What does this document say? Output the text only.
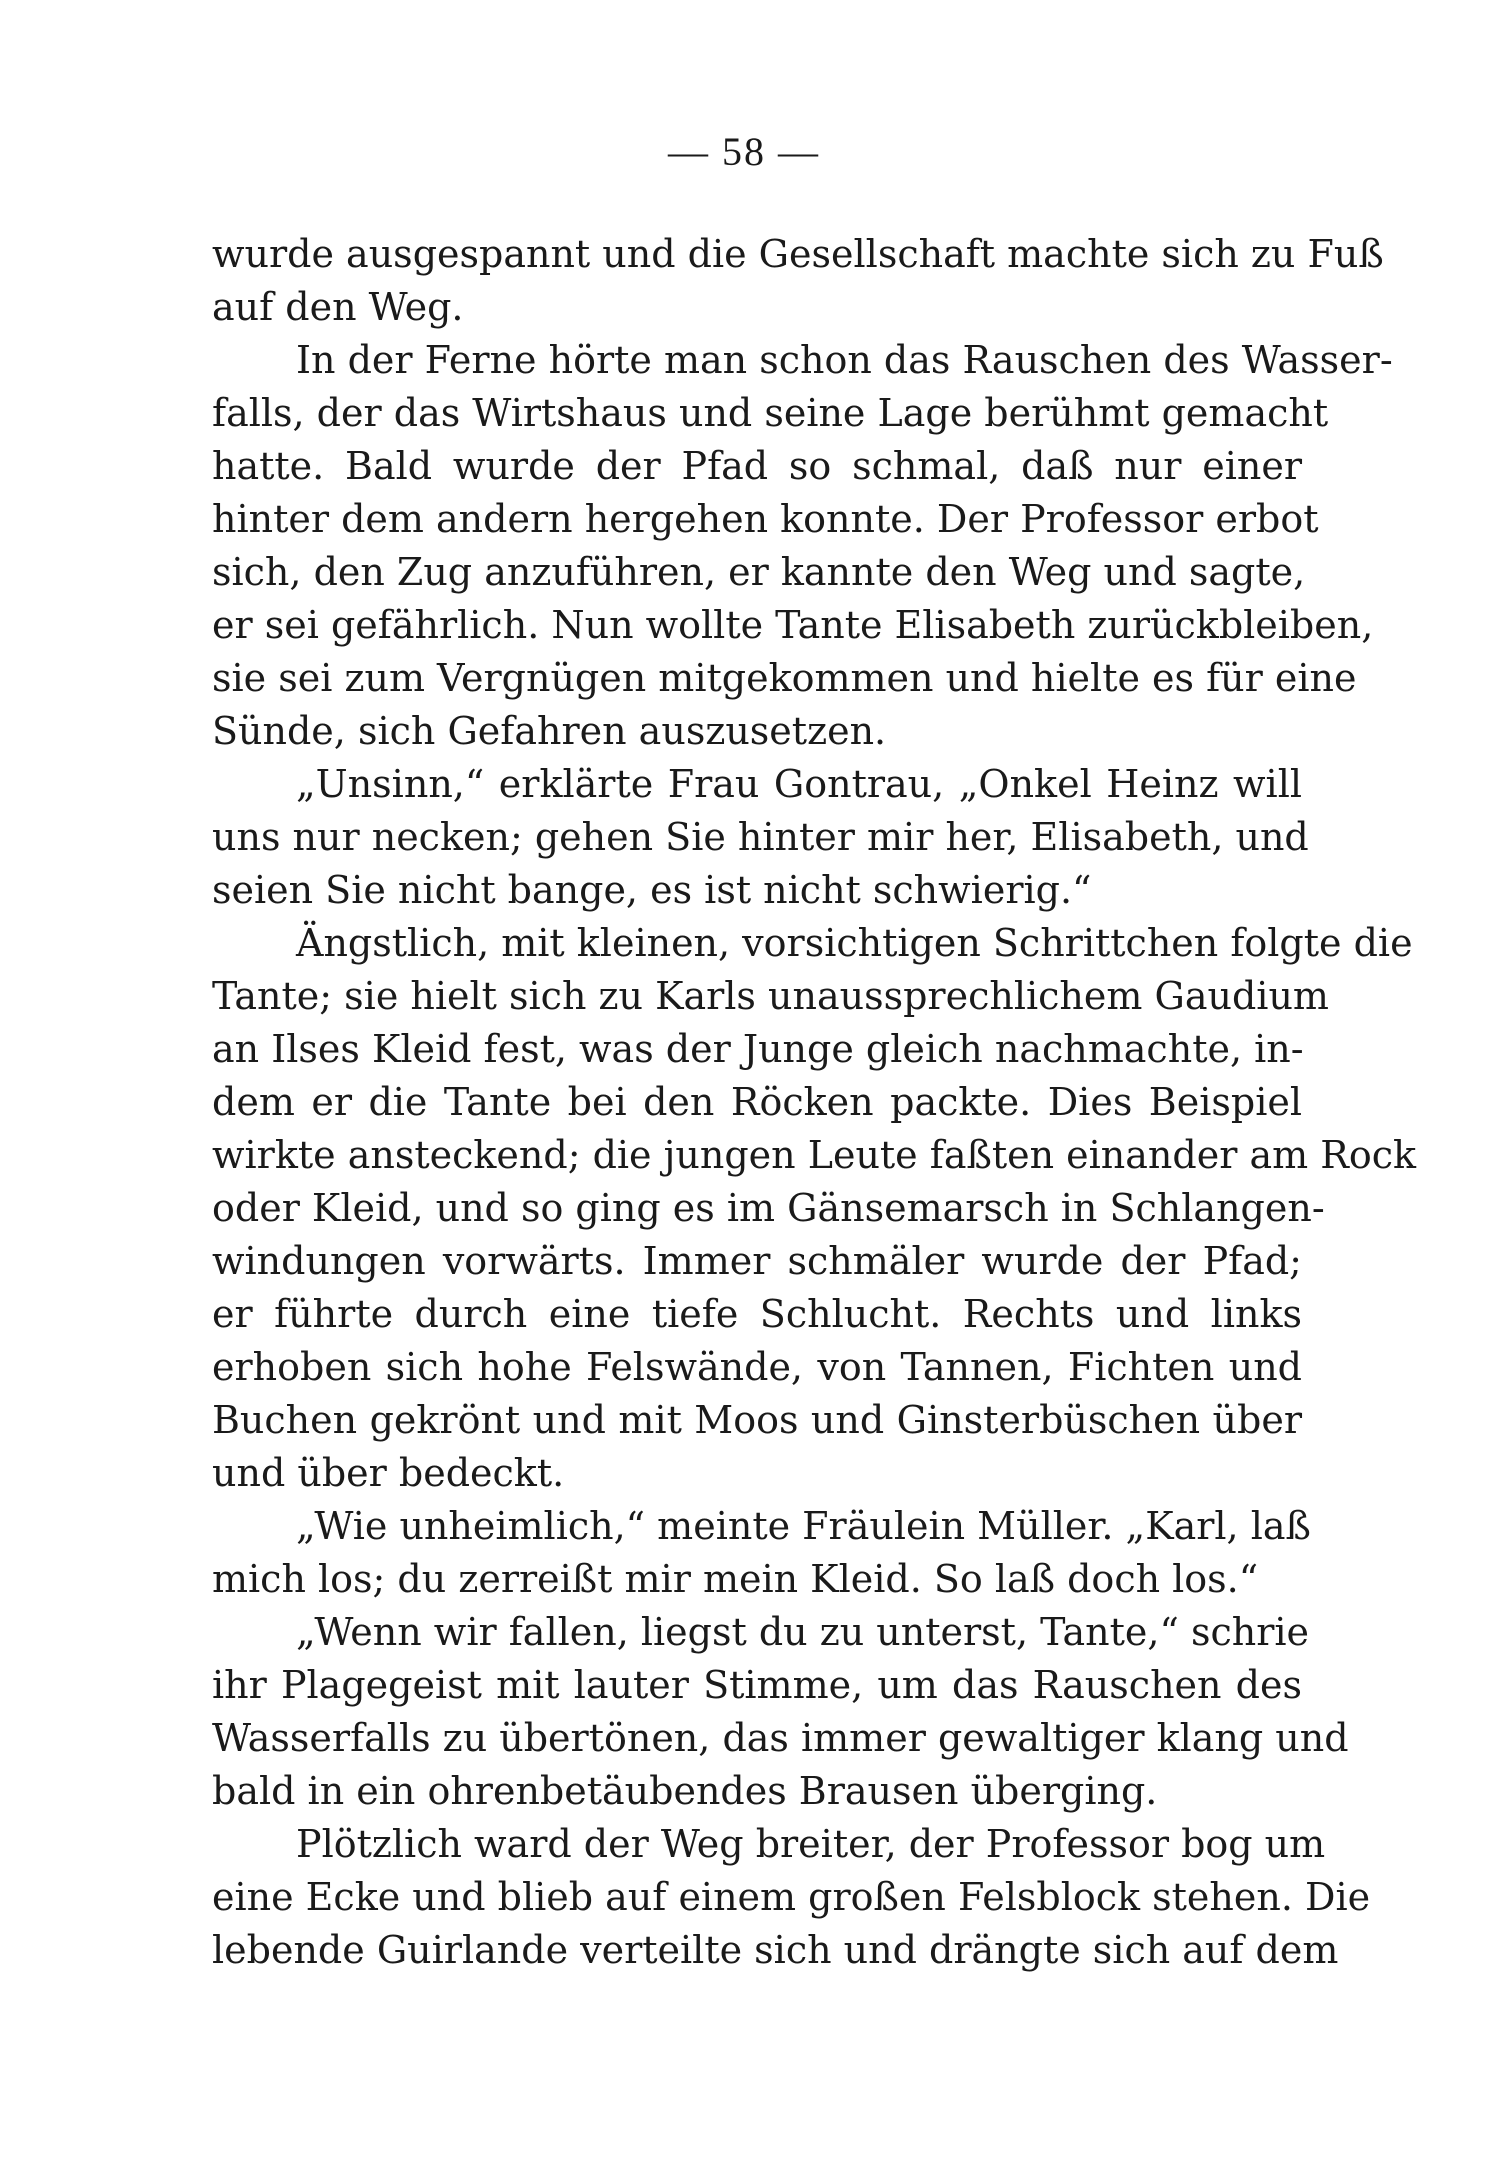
— 58 —
wurde ausgespannt und die Gesellschaft machte sich zu Fuß
auf den Weg.
In der Ferne hörte man schon das Rauschen des Wasser-
falls, der das Wirtshaus und seine Lage berühmt gemacht
hatte. Bald wurde der Pfad so schmal, daß nur einer
hinter dem andern hergehen konnte. Der Professor erbot
sich, den Zug anzuführen, er kannte den Weg und sagte,
er sei gefährlich. Nun wollte Tante Elisabeth zurückbleiben,
sie sei zum Vergnügen mitgekommen und hielte es für eine
Sünde, sich Gefahren auszusetzen.
„Unsinn,“ erklärte Frau Gontrau, „Onkel Heinz will
uns nur necken; gehen Sie hinter mir her, Elisabeth, und
seien Sie nicht bange, es ist nicht schwierig.“
Ängstlich, mit kleinen, vorsichtigen Schrittchen folgte die
Tante; sie hielt sich zu Karls unaussprechlichem Gaudium
an Ilses Kleid fest, was der Junge gleich nachmachte, in-
dem er die Tante bei den Röcken packte. Dies Beispiel
wirkte ansteckend; die jungen Leute faßten einander am Rock
oder Kleid, und so ging es im Gänsemarsch in Schlangen-
windungen vorwärts. Immer schmäler wurde der Pfad;
er führte durch eine tiefe Schlucht. Rechts und links
erhoben sich hohe Felswände, von Tannen, Fichten und
Buchen gekrönt und mit Moos und Ginsterbüschen über
und über bedeckt.
„Wie unheimlich,“ meinte Fräulein Müller. „Karl, laß
mich los; du zerreißt mir mein Kleid. So laß doch los.“
„Wenn wir fallen, liegst du zu unterst, Tante,“ schrie
ihr Plagegeist mit lauter Stimme, um das Rauschen des
Wasserfalls zu übertönen, das immer gewaltiger klang und
bald in ein ohrenbetäubendes Brausen überging.
Plötzlich ward der Weg breiter, der Professor bog um
eine Ecke und blieb auf einem großen Felsblock stehen. Die
lebende Guirlande verteilte sich und drängte sich auf dem
